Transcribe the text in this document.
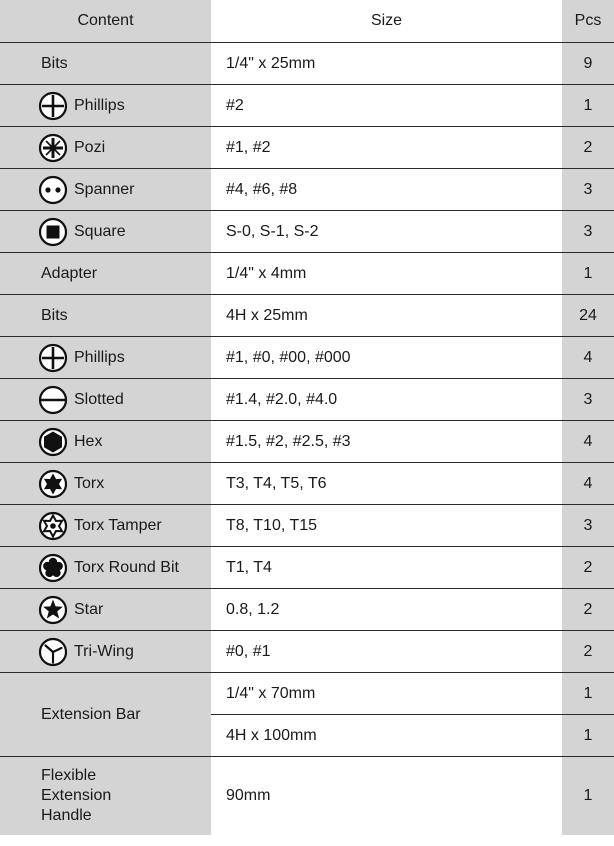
Content	Size	Pcs
Bits	1/4" x 25mm	9

Phillips	#2	1

Pozi	#1, #2	2

Spanner	#4, #6, #8	3

Square	S-0, S-1, S-2	3
Adapter	1/4" x 4mm	1
Bits	4H x 25mm	24

Phillips	#1, #0, #00, #000	4

Slotted	#1.4, #2.0, #4.0	3

Hex	#1.5, #2, #2.5, #3	4

Torx	T3, T4, T5, T6	4

Torx Tamper	T8, T10, T15	3

Torx Round Bit	T1, T4	2

Star	0.8, 1.2	2

Tri-Wing	#0, #1	2
Extension Bar	1/4" x 70mm	1
	4H x 100mm	1

Flexible
Extension
Handle	90mm	1
